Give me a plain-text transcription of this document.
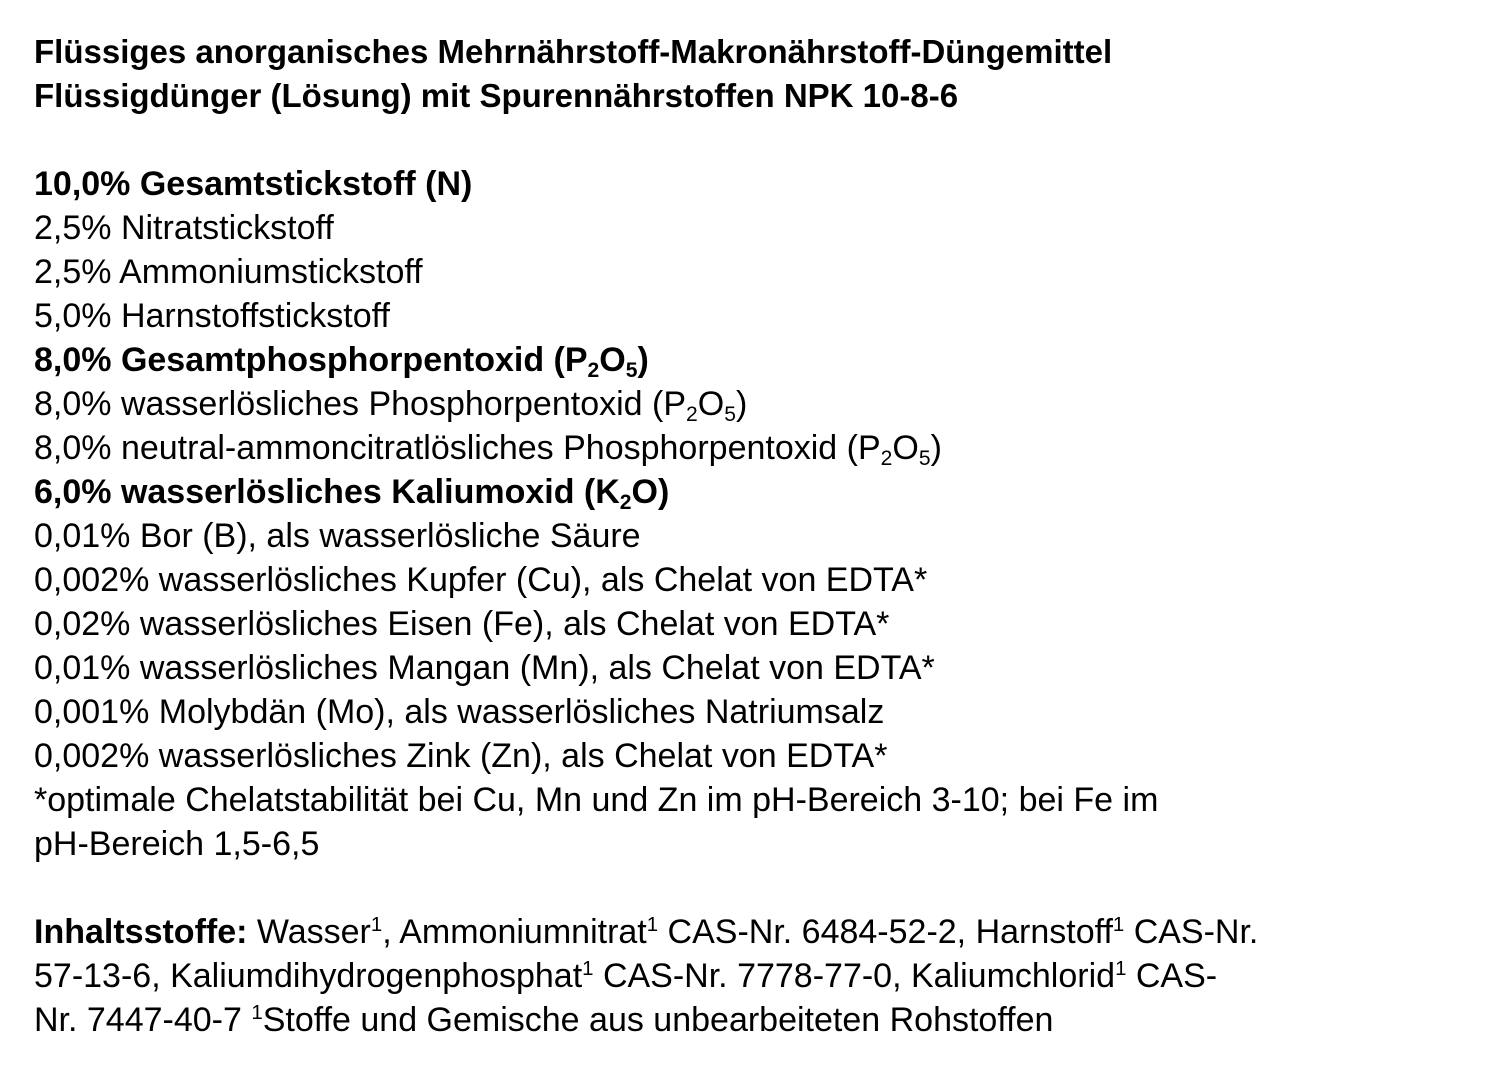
Flüssiges anorganisches Mehrnährstoff-Makronährstoff-Düngemittel
Flüssigdünger (Lösung) mit Spurennährstoffen NPK 10-8-6
10,0% Gesamtstickstoff (N)
2,5% Nitratstickstoff
2,5% Ammoniumstickstoff
5,0% Harnstoffstickstoff
8,0% Gesamtphosphorpentoxid $(P_2O_5)$
8,0% wasserlösliches Phosphorpentoxid $(P_2O_5)$
8,0% neutral-ammoncitratlösliches Phosphorpentoxid $(P_2O_5)$
6,0% wasserlösliches Kaliumoxid $(K_2O)$
0,01% Bor (B), als wasserlösliche Säure
0,002% wasserlösliches Kupfer (Cu), als Chelat von EDTA*
0,02% wasserlösliches Eisen (Fe), als Chelat von EDTA*
0,01% wasserlösliches Mangan (Mn), als Chelat von EDTA*
0,001% Molybdän (Mo), als wasserlösliches Natriumsalz
0,002% wasserlösliches Zink (Zn), als Chelat von EDTA*
*optimale Chelatstabilität bei Cu, Mn und Zn im pH-Bereich 3-10; bei Fe im
pH-Bereich 1,5-6,5
Inhaltsstoffe: Wasser$^1$, Ammoniumnitrat$^1$ CAS-Nr. 6484-52-2, Harnstoff$^1$ CAS-Nr.
57-13-6, Kaliumdihydrogenphosphat$^1$ CAS-Nr. 7778-77-0, Kaliumchlorid$^1$ CAS-
Nr. 7447-40-7 $^1$Stoffe und Gemische aus unbearbeiteten Rohstoffen
